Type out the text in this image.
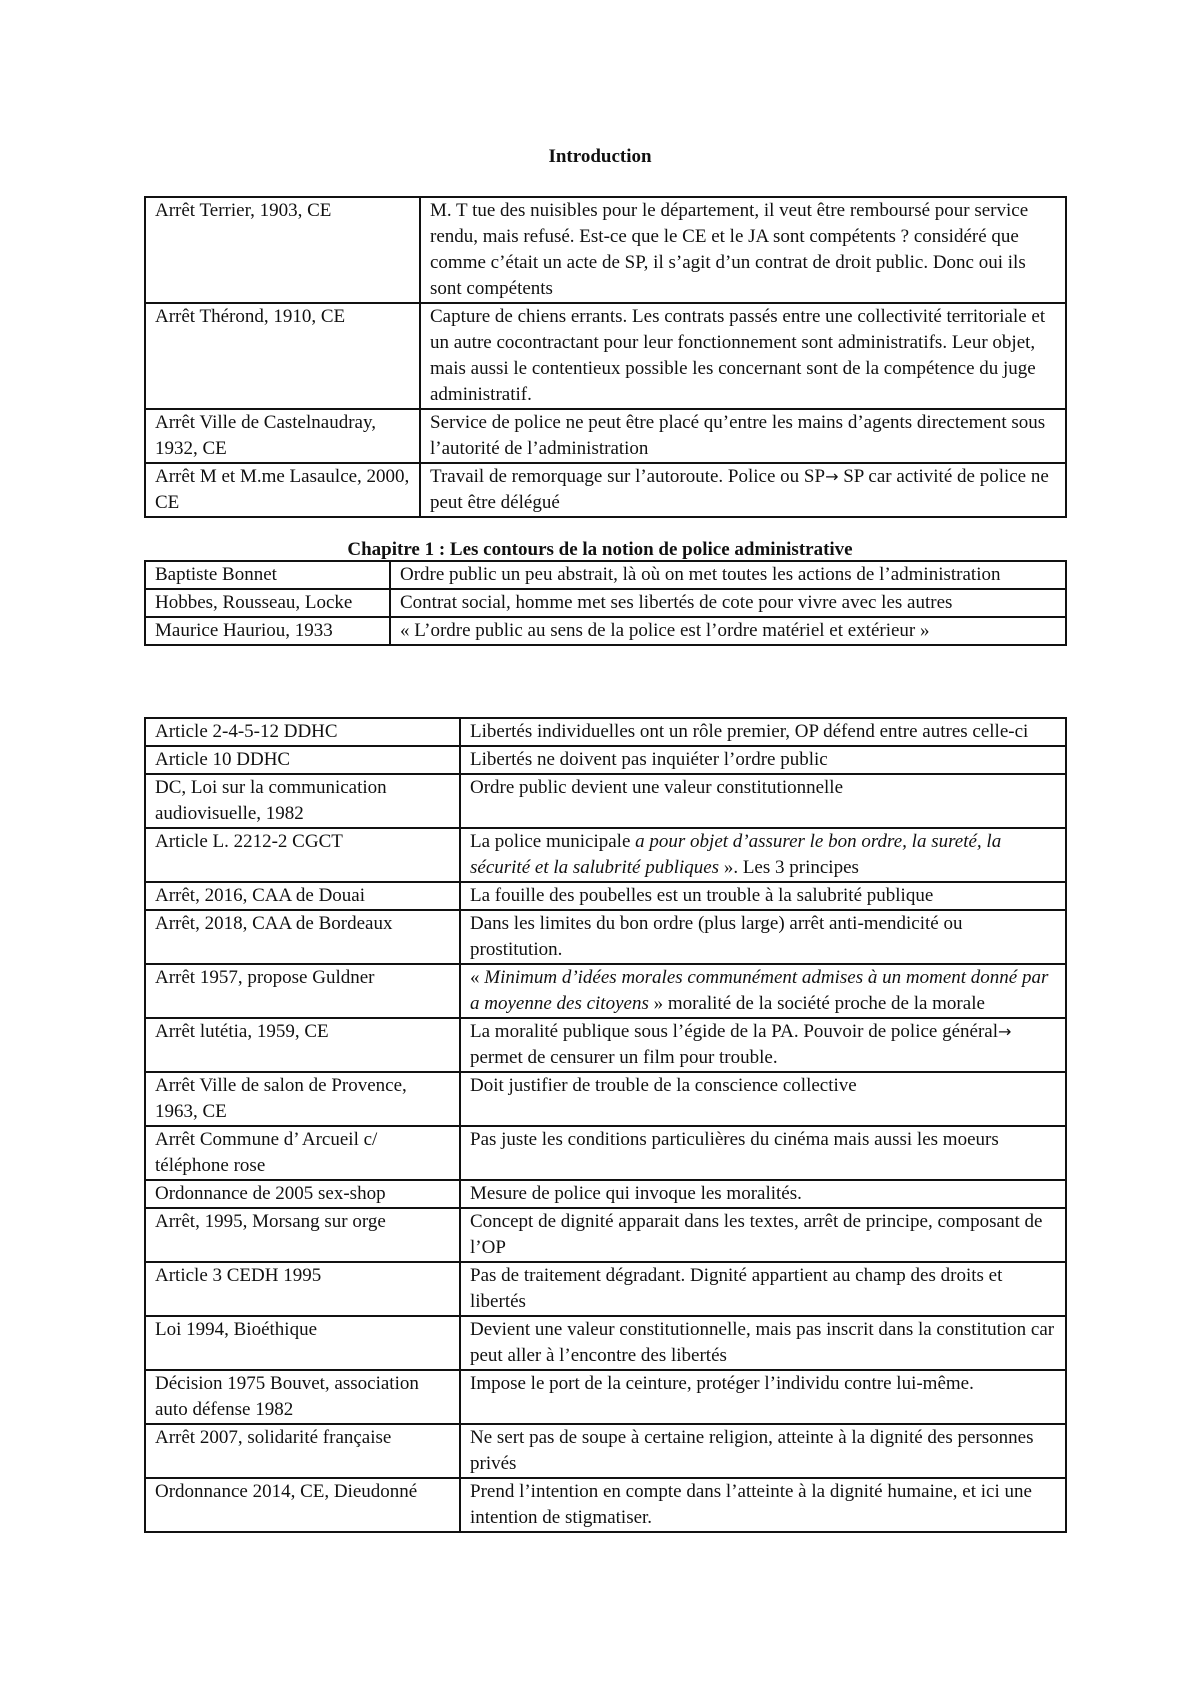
Introduction
Arrêt Terrier, 1903, CE	M. T tue des nuisibles pour le département, il veut être remboursé pour service rendu, mais refusé. Est-ce que le CE et le JA sont compétents ? considéré que comme c’était un acte de SP, il s’agit d’un contrat de droit public. Donc oui ils sont compétents
Arrêt Thérond, 1910, CE	Capture de chiens errants. Les contrats passés entre une collectivité territoriale et un autre cocontractant pour leur fonctionnement sont administratifs. Leur objet, mais aussi le contentieux possible les concernant sont de la compétence du juge administratif.
Arrêt Ville de Castelnaudray, 1932, CE	Service de police ne peut être placé qu’entre les mains d’agents directement sous l’autorité de l’administration
Arrêt M et M.me Lasaulce, 2000, CE	Travail de remorquage sur l’autoroute. Police ou SP→ SP car activité de police ne peut être délégué
Chapitre 1 : Les contours de la notion de police administrative
Baptiste Bonnet	Ordre public un peu abstrait, là où on met toutes les actions de l’administration
Hobbes, Rousseau, Locke	Contrat social, homme met ses libertés de cote pour vivre avec les autres
Maurice Hauriou, 1933	« L’ordre public au sens de la police est l’ordre matériel et extérieur »
Article 2-4-5-12 DDHC	Libertés individuelles ont un rôle premier, OP défend entre autres celle-ci
Article 10 DDHC	Libertés ne doivent pas inquiéter l’ordre public
DC, Loi sur la communication audiovisuelle, 1982	Ordre public devient une valeur constitutionnelle
Article L. 2212-2 CGCT	La police municipale a pour objet d’assurer le bon ordre, la sureté, la sécurité et la salubrité publiques ». Les 3 principes
Arrêt, 2016, CAA de Douai	La fouille des poubelles est un trouble à la salubrité publique
Arrêt, 2018, CAA de Bordeaux	Dans les limites du bon ordre (plus large) arrêt anti-mendicité ou prostitution.
Arrêt 1957, propose Guldner	« Minimum d’idées morales communément admises à un moment donné par a moyenne des citoyens » moralité de la société proche de la morale
Arrêt lutétia, 1959, CE	La moralité publique sous l’égide de la PA. Pouvoir de police général→ permet de censurer un film pour trouble.
Arrêt Ville de salon de Provence, 1963, CE	Doit justifier de trouble de la conscience collective
Arrêt Commune d’ Arcueil c/ téléphone rose	Pas juste les conditions particulières du cinéma mais aussi les moeurs
Ordonnance de 2005 sex-shop	Mesure de police qui invoque les moralités.
Arrêt, 1995, Morsang sur orge	Concept de dignité apparait dans les textes, arrêt de principe, composant de l’OP
Article 3 CEDH 1995	Pas de traitement dégradant. Dignité appartient au champ des droits et libertés
Loi 1994, Bioéthique	Devient une valeur constitutionnelle, mais pas inscrit dans la constitution car peut aller à l’encontre des libertés
Décision 1975 Bouvet, association auto défense 1982	Impose le port de la ceinture, protéger l’individu contre lui-même.
Arrêt 2007, solidarité française	Ne sert pas de soupe à certaine religion, atteinte à la dignité des personnes privés
Ordonnance 2014, CE, Dieudonné	Prend l’intention en compte dans l’atteinte à la dignité humaine, et ici une intention de stigmatiser.
